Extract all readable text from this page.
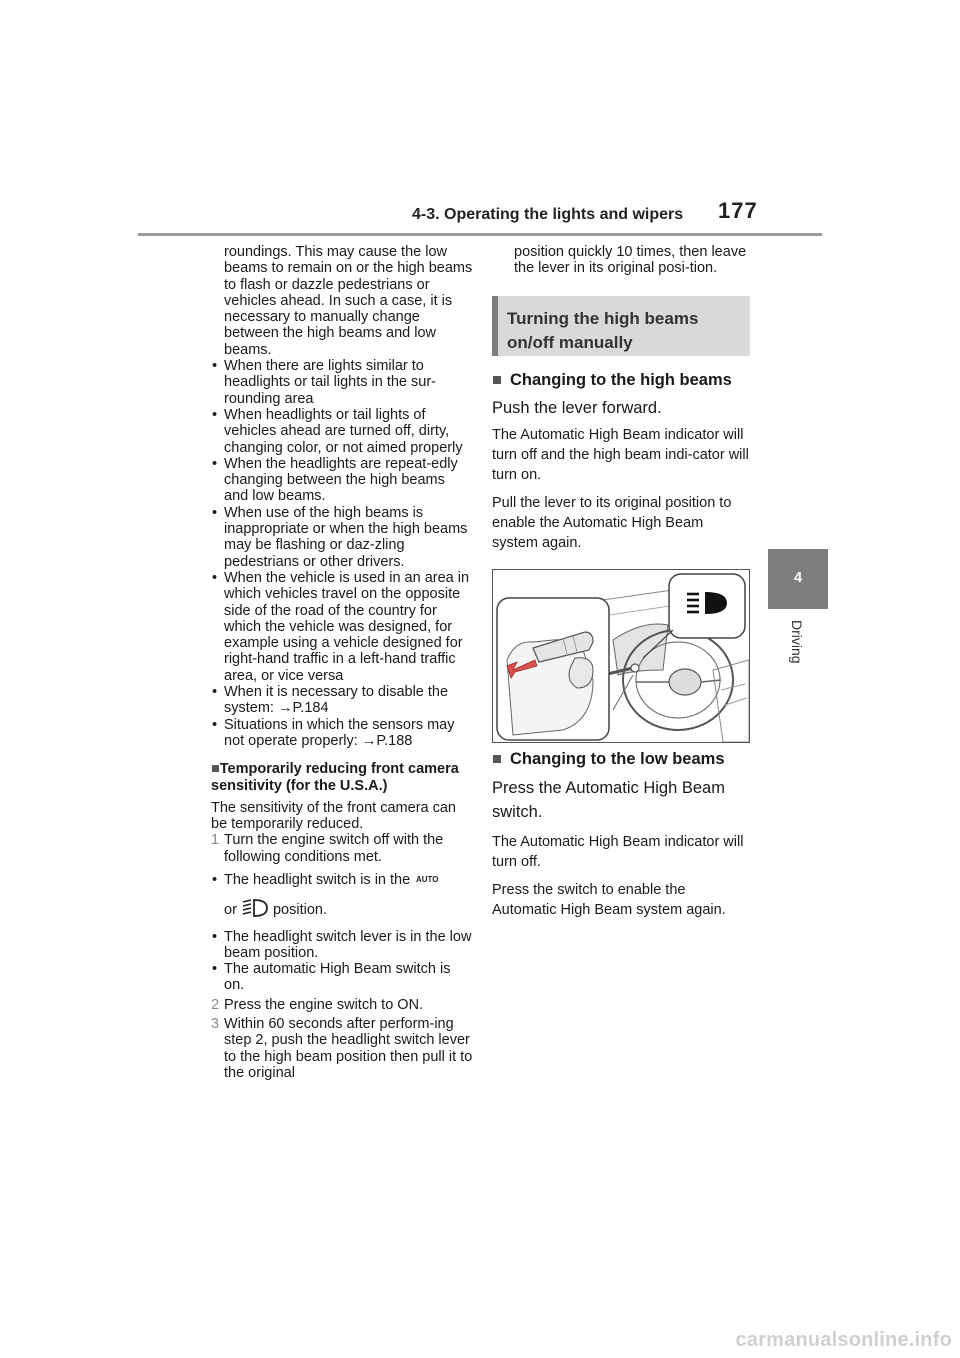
4-3. Operating the lights and wipers 177
4
Driving

roundings. This may cause the low beams to remain on or the high beams to flash or dazzle pedestrians or vehicles ahead. In such a case, it is necessary to manually change between the high beams and low beams.

• When there are lights similar to headlights or tail lights in the sur-rounding area
• When headlights or tail lights of vehicles ahead are turned off, dirty, changing color, or not aimed properly
• When the headlights are repeat-edly changing between the high beams and low beams.
• When use of the high beams is inappropriate or when the high beams may be flashing or daz-zling pedestrians or other drivers.
• When the vehicle is used in an area in which vehicles travel on the opposite side of the road of the country for which the vehicle was designed, for example using a vehicle designed for right-hand traffic in a left-hand traffic area, or vice versa
• When it is necessary to disable the system: →P.184
• Situations in which the sensors may not operate properly: →P.188
■Temporarily reducing front camera sensitivity (for the U.S.A.)
The sensitivity of the front camera can be temporarily reduced.
1 Turn the engine switch off with the following conditions met.
• The headlight switch is in the AUTO
or position.
• The headlight switch lever is in the low beam position.
• The automatic High Beam switch is on.
2 Press the engine switch to ON.
3 Within 60 seconds after perform-ing step 2, push the headlight switch lever to the high beam position then pull it to the original
position quickly 10 times, then leave the lever in its original posi-tion.
Turning the high beams on/off manually
■ Changing to the high beams
Push the lever forward.
The Automatic High Beam indicator will turn off and the high beam indi-cator will turn on.
Pull the lever to its original position to enable the Automatic High Beam system again.
■ Changing to the low beams
Press the Automatic High Beam switch.
The Automatic High Beam indicator will turn off.
Press the switch to enable the Automatic High Beam system again.
carmanualsonline.info
